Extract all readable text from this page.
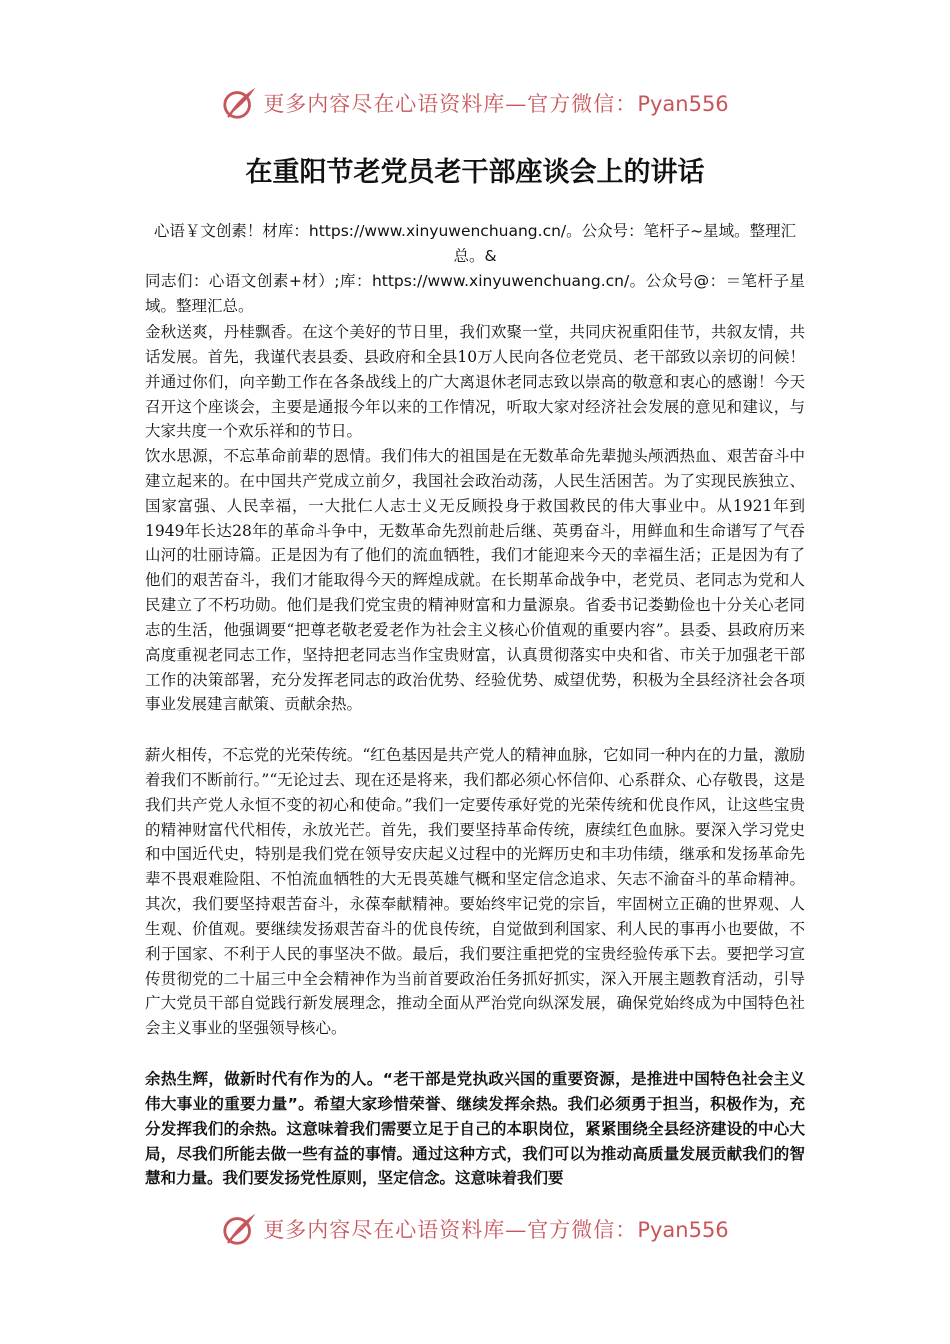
更多内容尽在心语资料库—官方微信：Pyan556
在重阳节老党员老干部座谈会上的讲话
心语￥文创素！材库：https://www.xinyuwenchuang.cn/。公众号：笔杆子~星域。整理汇总。&
同志们：心语文创素+材）;库：https://www.xinyuwenchuang.cn/。公众号@：＝笔杆子星域。整理汇总。

金秋送爽，丹桂飘香。在这个美好的节日里，我们欢聚一堂，共同庆祝重阳佳节，共叙友情，共话发展。首先，我谨代表县委、县政府和全县10万人民向各位老党员、老干部致以亲切的问候！并通过你们，向辛勤工作在各条战线上的广大离退休老同志致以崇高的敬意和衷心的感谢！今天召开这个座谈会，主要是通报今年以来的工作情况，听取大家对经济社会发展的意见和建议，与大家共度一个欢乐祥和的节日。

饮水思源，不忘革命前辈的恩情。我们伟大的祖国是在无数革命先辈抛头颅洒热血、艰苦奋斗中建立起来的。在中国共产党成立前夕，我国社会政治动荡，人民生活困苦。为了实现民族独立、国家富强、人民幸福，一大批仁人志士义无反顾投身于救国救民的伟大事业中。从1921年到1949年长达28年的革命斗争中，无数革命先烈前赴后继、英勇奋斗，用鲜血和生命谱写了气吞山河的壮丽诗篇。正是因为有了他们的流血牺牲，我们才能迎来今天的幸福生活；正是因为有了他们的艰苦奋斗，我们才能取得今天的辉煌成就。在长期革命战争中，老党员、老同志为党和人民建立了不朽功勋。他们是我们党宝贵的精神财富和力量源泉。省委书记娄勤俭也十分关心老同志的生活，他强调要“把尊老敬老爱老作为社会主义核心价值观的重要内容”。县委、县政府历来高度重视老同志工作，坚持把老同志当作宝贵财富，认真贯彻落实中央和省、市关于加强老干部工作的决策部署，充分发挥老同志的政治优势、经验优势、威望优势，积极为全县经济社会各项事业发展建言献策、贡献余热。

薪火相传，不忘党的光荣传统。“红色基因是共产党人的精神血脉，它如同一种内在的力量，激励着我们不断前行。”“无论过去、现在还是将来，我们都必须心怀信仰、心系群众、心存敬畏，这是我们共产党人永恒不变的初心和使命。”我们一定要传承好党的光荣传统和优良作风，让这些宝贵的精神财富代代相传，永放光芒。首先，我们要坚持革命传统，赓续红色血脉。要深入学习党史和中国近代史，特别是我们党在领导安庆起义过程中的光辉历史和丰功伟绩，继承和发扬革命先辈不畏艰难险阻、不怕流血牺牲的大无畏英雄气概和坚定信念追求、矢志不渝奋斗的革命精神。其次，我们要坚持艰苦奋斗，永葆奉献精神。要始终牢记党的宗旨，牢固树立正确的世界观、人生观、价值观。要继续发扬艰苦奋斗的优良传统，自觉做到利国家、利人民的事再小也要做，不利于国家、不利于人民的事坚决不做。最后，我们要注重把党的宝贵经验传承下去。要把学习宣传贯彻党的二十届三中全会精神作为当前首要政治任务抓好抓实，深入开展主题教育活动，引导广大党员干部自觉践行新发展理念，推动全面从严治党向纵深发展，确保党始终成为中国特色社会主义事业的坚强领导核心。

余热生辉，做新时代有作为的人。“老干部是党执政兴国的重要资源，是推进中国特色社会主义伟大事业的重要力量”。希望大家珍惜荣誉、继续发挥余热。我们必须勇于担当，积极作为，充分发挥我们的余热。这意味着我们需要立足于自己的本职岗位，紧紧围绕全县经济建设的中心大局，尽我们所能去做一些有益的事情。通过这种方式，我们可以为推动高质量发展贡献我们的智慧和力量。我们要发扬党性原则，坚定信念。这意味着我们要

更多内容尽在心语资料库—官方微信：Pyan556
